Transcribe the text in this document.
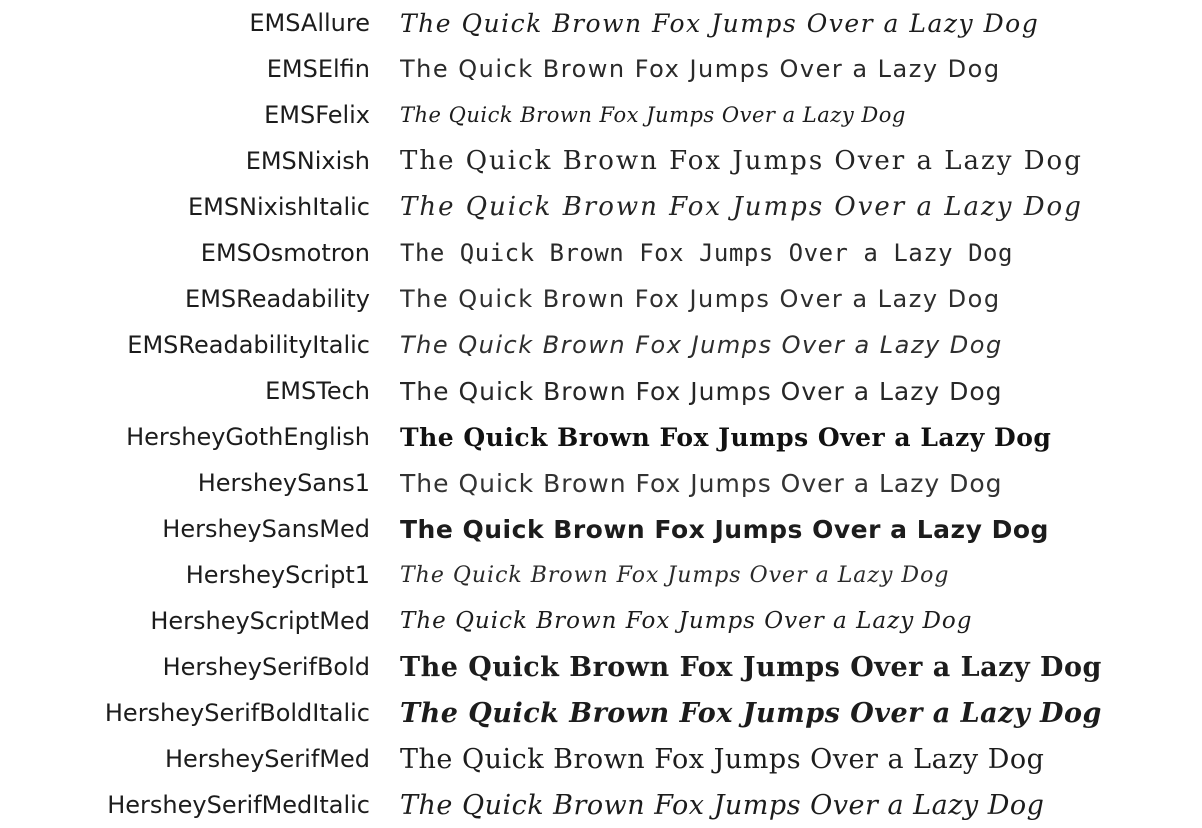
EMSAllure The Quick Brown Fox Jumps Over a Lazy Dog
EMSElfin The Quick Brown Fox Jumps Over a Lazy Dog
EMSFelix The Quick Brown Fox Jumps Over a Lazy Dog
EMSNixish The Quick Brown Fox Jumps Over a Lazy Dog
EMSNixishItalic The Quick Brown Fox Jumps Over a Lazy Dog
EMSOsmotron The Quick Brown Fox Jumps Over a Lazy Dog
EMSReadability The Quick Brown Fox Jumps Over a Lazy Dog
EMSReadabilityItalic The Quick Brown Fox Jumps Over a Lazy Dog
EMSTech The Quick Brown Fox Jumps Over a Lazy Dog
HersheyGothEnglish The Quick Brown Fox Jumps Over a Lazy Dog
HersheySans1 The Quick Brown Fox Jumps Over a Lazy Dog
HersheySansMed The Quick Brown Fox Jumps Over a Lazy Dog
HersheyScript1 The Quick Brown Fox Jumps Over a Lazy Dog
HersheyScriptMed The Quick Brown Fox Jumps Over a Lazy Dog
HersheySerifBold The Quick Brown Fox Jumps Over a Lazy Dog
HersheySerifBoldItalic The Quick Brown Fox Jumps Over a Lazy Dog
HersheySerifMed The Quick Brown Fox Jumps Over a Lazy Dog
HersheySerifMedItalic The Quick Brown Fox Jumps Over a Lazy Dog
